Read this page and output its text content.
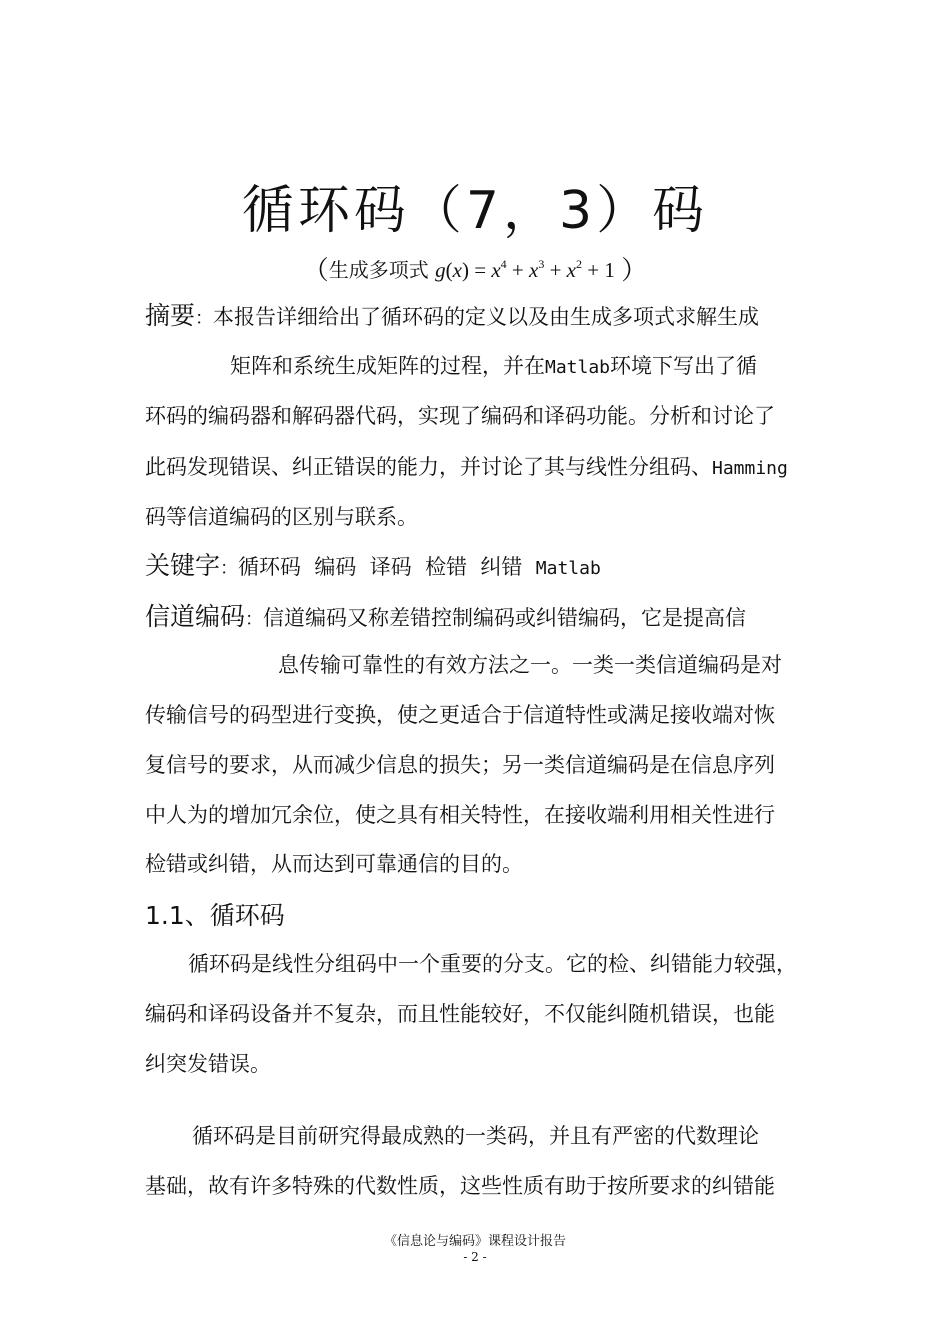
循环码（7，3）码
（生成多项式 $g(x) = x^4 + x^3 + x^2 + 1$ ）
摘要：本报告详细给出了循环码的定义以及由生成多项式求解生成
矩阵和系统生成矩阵的过程，并在Matlab环境下写出了循
环码的编码器和解码器代码，实现了编码和译码功能。分析和讨论了
此码发现错误、纠正错误的能力，并讨论了其与线性分组码、Hamming
码等信道编码的区别与联系。
关键字：循环码  编码  译码  检错  纠错  Matlab
信道编码：信道编码又称差错控制编码或纠错编码，它是提高信
息传输可靠性的有效方法之一。一类一类信道编码是对
传输信号的码型进行变换，使之更适合于信道特性或满足接收端对恢
复信号的要求，从而减少信息的损失；另一类信道编码是在信息序列
中人为的增加冗余位，使之具有相关特性，在接收端利用相关性进行
检错或纠错，从而达到可靠通信的目的。
1.1、循环码
循环码是线性分组码中一个重要的分支。它的检、纠错能力较强，
编码和译码设备并不复杂，而且性能较好，不仅能纠随机错误，也能
纠突发错误。
循环码是目前研究得最成熟的一类码，并且有严密的代数理论
基础，故有许多特殊的代数性质，这些性质有助于按所要求的纠错能
《信息论与编码》课程设计报告
- 2 -
